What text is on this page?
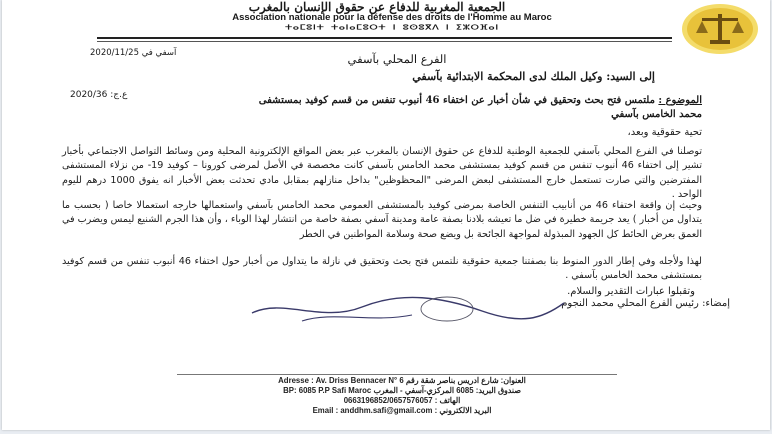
الجمعية المغربية للدفاع عن حقوق الإنسان بالمغرب
Association nationale pour la défense des droits de l'Homme au Maroc
ⵜⴰⵎⵓⵏⵜ ⵜⴰⵏⴰⵎⵓⵔⵜ ⵏ ⵓⵙⵓⴳⴷ ⵏ ⵉⵣⵔⴼⴰⵏ
آسفي في 2020/11/25	الفرع المحلي بآسفي
إلى السيد: وكيل الملك لدى المحكمة الابتدائية بآسفي
ع.ج: 2020/36	الموضوع : ملتمس فتح بحث وتحقيق في شأن أخبار عن اختفاء 46 أنبوب تنفس من قسم كوفيد بمستشفى
محمد الخامس بآسفي
تحية حقوقية وبعد،
توصلنا في الفرع المحلي بآسفي للجمعية الوطنية للدفاع عن حقوق الإنسان بالمغرب عبر بعض المواقع الإلكترونية المحلية ومن وسائط التواصل الاجتماعي بأخبار تشير إلى اختفاء 46 أنبوب تنفس من قسم كوفيد بمستشفى محمد الخامس بآسفي كانت مخصصة في الأصل لمرضى كورونا – كوفيد 19- من نزلاء المستشفى المفترضين والتي صارت تستعمل خارج المستشفى لبعض المرضى "المحظوظين" بداخل منازلهم بمقابل مادي تحدثت بعض الأخبار انه يفوق 1000 درهم لليوم الواحد .
وحيث إن واقعة اختفاء 46 من أنابيب التنفس الخاصة بمرضى كوفيد بالمستشفى العمومي محمد الخامس بآسفي واستعمالها خارجه استعمالا خاصا ( بحسب ما يتداول من أخبار ) يعد جريمة خطيرة في ضل ما تعيشه بلادنا بصفة عامة ومدينة آسفي بصفة خاصة من انتشار لهذا الوباء ، وأن هذا الجرم الشنيع ليمس ويضرب في العمق بعرض الحائط كل الجهود المبذولة لمواجهة الجائحة بل ويضع صحة وسلامة المواطنين في الخطر
لهذا ولأجله وفي إطار الدور المنوط بنا بصفتنا جمعية حقوقية نلتمس فتح بحث وتحقيق في نازلة ما يتداول من أخبار حول اختفاء 46 أنبوب تنفس من قسم كوفيد بمستشفى محمد الخامس بآسفي .
وتقبلوا عبارات التقدير والسلام.
إمضاء: رئيس الفرع المحلي محمد النجوم
Adresse : Av. Driss Bennacer N° العنوان: شارع ادريس بناصر شقة رقم 6
BP: 6085 P.P Safi Maroc صندوق البريد: 6085 المركزي-آسفي - المغرب
الهاتف : 0663196852/0657576057
Email : anddhm.safi@gmail.com : البريد الالكتروني
